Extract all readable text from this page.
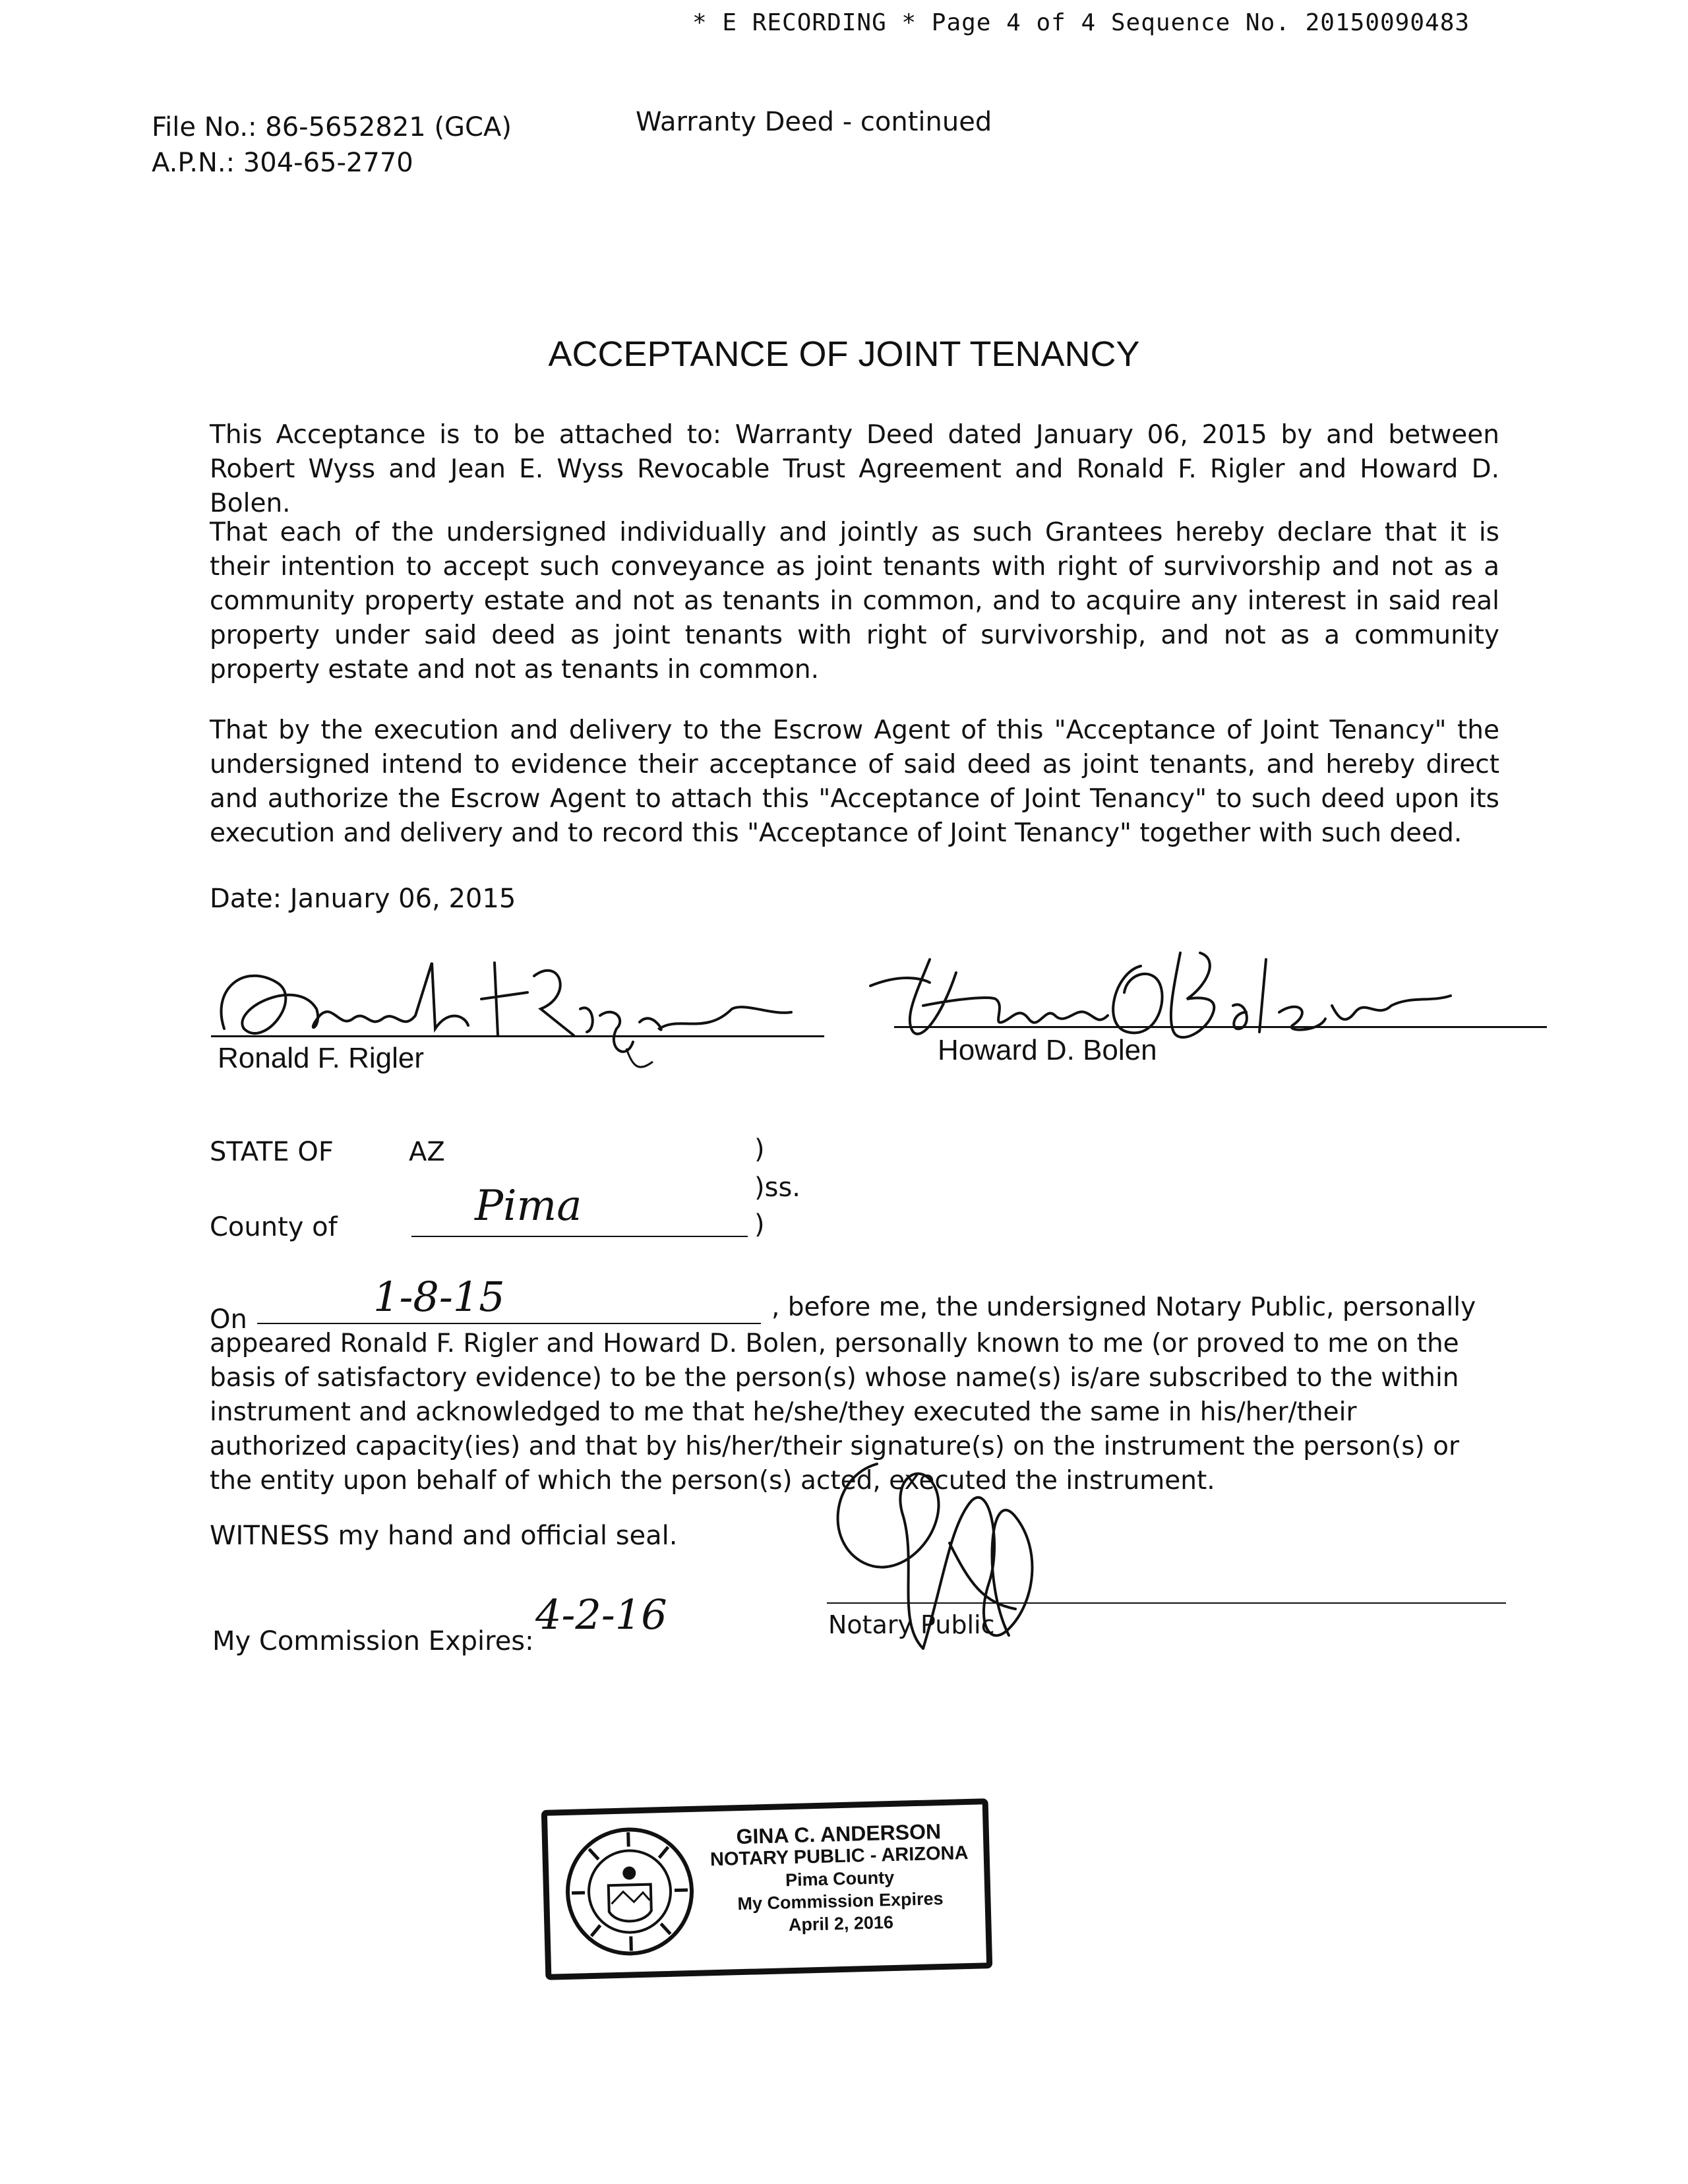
* E RECORDING * Page 4 of 4 Sequence No. 20150090483
File No.: 86-5652821 (GCA)
A.P.N.: 304-65-2770
Warranty Deed - continued
ACCEPTANCE OF JOINT TENANCY
This Acceptance is to be attached to: Warranty Deed dated January 06, 2015 by and between Robert Wyss and Jean E. Wyss Revocable Trust Agreement and Ronald F. Rigler and Howard D. Bolen.
That each of the undersigned individually and jointly as such Grantees hereby declare that it is their intention to accept such conveyance as joint tenants with right of survivorship and not as a community property estate and not as tenants in common, and to acquire any interest in said real property under said deed as joint tenants with right of survivorship, and not as a community property estate and not as tenants in common.
That by the execution and delivery to the Escrow Agent of this "Acceptance of Joint Tenancy" the undersigned intend to evidence their acceptance of said deed as joint tenants, and hereby direct and authorize the Escrow Agent to attach this "Acceptance of Joint Tenancy" to such deed upon its execution and delivery and to record this "Acceptance of Joint Tenancy" together with such deed.
Date: January 06, 2015
Ronald F. Rigler	Howard D. Bolen
STATE OF	AZ	)
)ss.
County of	Pima	)
On	1-8-15	, before me, the undersigned Notary Public, personally
appeared Ronald F. Rigler and Howard D. Bolen, personally known to me (or proved to me on the basis of satisfactory evidence) to be the person(s) whose name(s) is/are subscribed to the within instrument and acknowledged to me that he/she/they executed the same in his/her/their authorized capacity(ies) and that by his/her/their signature(s) on the instrument the person(s) or the entity upon behalf of which the person(s) acted, executed the instrument.
WITNESS my hand and official seal.
My Commission Expires:
4-2-16	Notary Public
GINA C. ANDERSON
NOTARY PUBLIC - ARIZONA
Pima County
My Commission Expires
April 2, 2016
